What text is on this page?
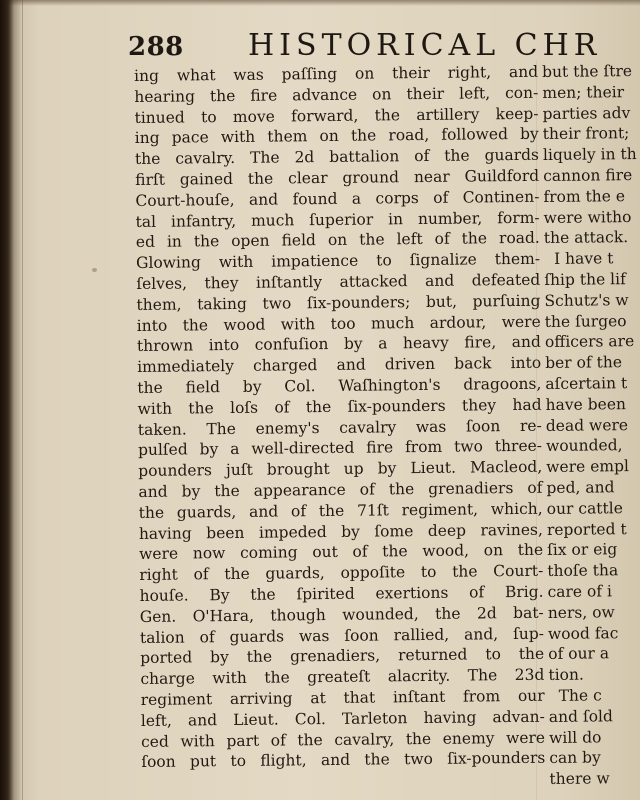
288 HISTORICAL CHR
ing what was paſſing on their right, and
hearing the fire advance on their left, con-
tinued to move forward, the artillery keep-
ing pace with them on the road, followed by
the cavalry. The 2d battalion of the guards
firſt gained the clear ground near Guildford
Court-houſe, and found a corps of Continen-
tal infantry, much ſuperior in number, form-
ed in the open field on the left of the road.
Glowing with impatience to ſignalize them-
ſelves, they inſtantly attacked and defeated
them, taking two ſix-pounders; but, purſuing
into the wood with too much ardour, were
thrown into confuſion by a heavy fire, and
immediately charged and driven back into
the field by Col. Waſhington's dragoons,
with the loſs of the ſix-pounders they had
taken. The enemy's cavalry was ſoon re-
pulſed by a well-directed fire from two three-
pounders juſt brought up by Lieut. Macleod,
and by the appearance of the grenadiers of
the guards, and of the 71ſt regiment, which,
having been impeded by ſome deep ravines,
were now coming out of the wood, on the
right of the guards, oppoſite to the Court-
houſe. By the ſpirited exertions of Brig.
Gen. O'Hara, though wounded, the 2d bat-
talion of guards was ſoon rallied, and, ſup-
ported by the grenadiers, returned to the
charge with the greateſt alacrity. The 23d
regiment arriving at that inſtant from our
left, and Lieut. Col. Tarleton having advan-
ced with part of the cavalry, the enemy were
ſoon put to flight, and the two ſix-pounders
but the ſtre
men; their
parties adv
their front;
liquely in th
cannon fire
from the e
were witho
the attack.
I have t
ſhip the lif
Schutz's w
the ſurgeo
officers are
ber of the
aſcertain t
have been
dead were
wounded,
were empl
ped, and
our cattle
reported t
ſix or eig
thoſe tha
care of i
ners, ow
wood fac
of our a
tion.
The c
and ſold
will do
can by
there w
